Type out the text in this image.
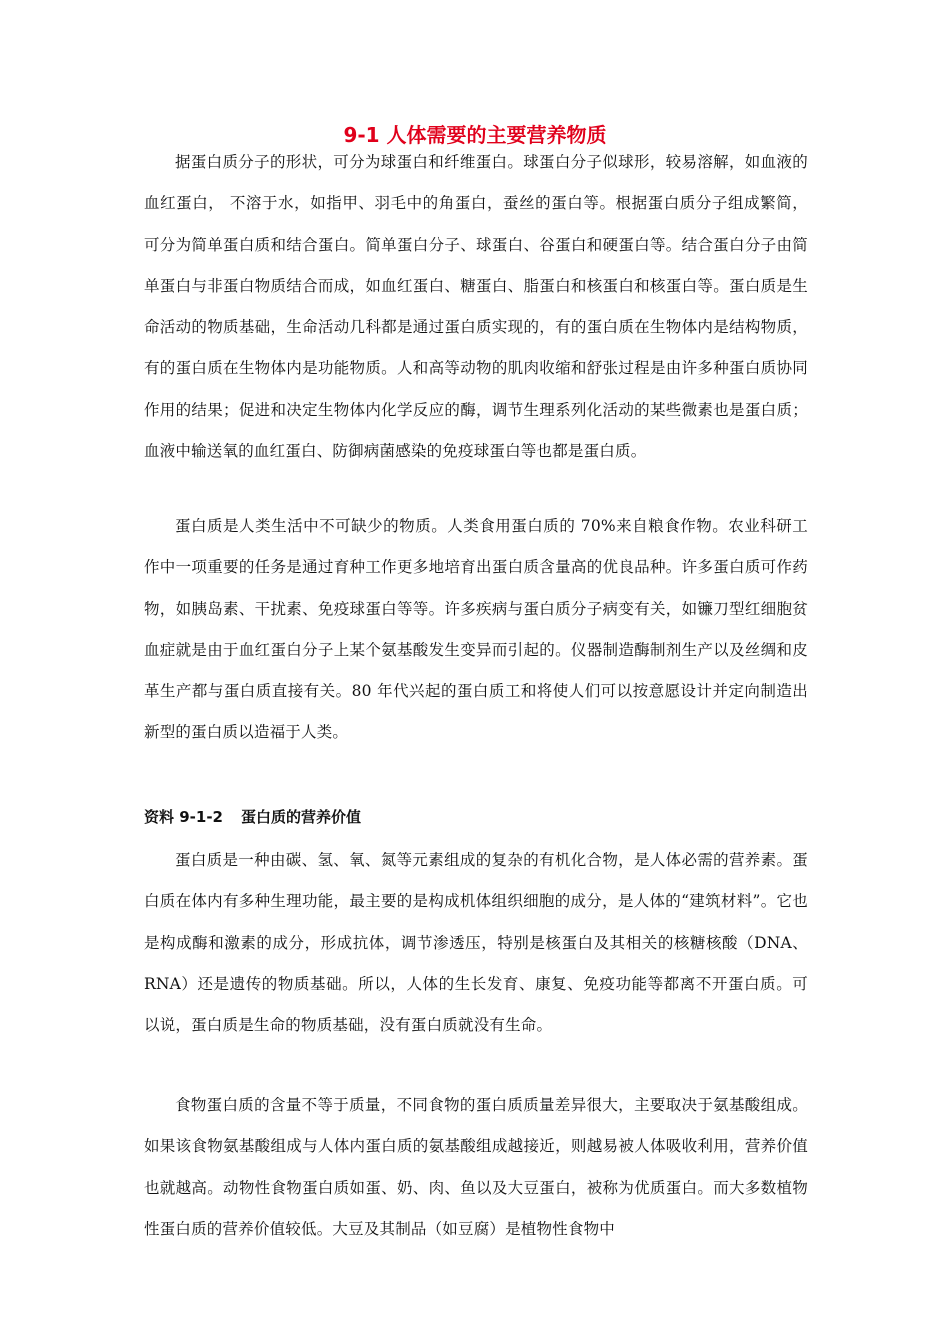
9-1 人体需要的主要营养物质

据蛋白质分子的形状，可分为球蛋白和纤维蛋白。球蛋白分子似球形，较易溶解，如血液的血红蛋白， 不溶于水，如指甲、羽毛中的角蛋白，蚕丝的蛋白等。根据蛋白质分子组成繁简，可分为简单蛋白质和结合蛋白。简单蛋白分子、球蛋白、谷蛋白和硬蛋白等。结合蛋白分子由简单蛋白与非蛋白物质结合而成，如血红蛋白、糖蛋白、脂蛋白和核蛋白和核蛋白等。蛋白质是生命活动的物质基础，生命活动几科都是通过蛋白质实现的，有的蛋白质在生物体内是结构物质，有的蛋白质在生物体内是功能物质。人和高等动物的肌肉收缩和舒张过程是由许多种蛋白质协同作用的结果；促进和决定生物体内化学反应的酶，调节生理系列化活动的某些微素也是蛋白质；血液中输送氧的血红蛋白、防御病菌感染的免疫球蛋白等也都是蛋白质。

蛋白质是人类生活中不可缺少的物质。人类食用蛋白质的 70%来自粮食作物。农业科研工作中一项重要的任务是通过育种工作更多地培育出蛋白质含量高的优良品种。许多蛋白质可作药物，如胰岛素、干扰素、免疫球蛋白等等。许多疾病与蛋白质分子病变有关，如镰刀型红细胞贫血症就是由于血红蛋白分子上某个氨基酸发生变异而引起的。仪器制造酶制剂生产以及丝绸和皮革生产都与蛋白质直接有关。80 年代兴起的蛋白质工和将使人们可以按意愿设计并定向制造出新型的蛋白质以造福于人类。

资料 9-1-2 蛋白质的营养价值

蛋白质是一种由碳、氢、氧、氮等元素组成的复杂的有机化合物，是人体必需的营养素。蛋白质在体内有多种生理功能，最主要的是构成机体组织细胞的成分，是人体的“建筑材料”。它也是构成酶和激素的成分，形成抗体，调节渗透压，特别是核蛋白及其相关的核糖核酸（DNA、RNA）还是遗传的物质基础。所以，人体的生长发育、康复、免疫功能等都离不开蛋白质。可以说，蛋白质是生命的物质基础，没有蛋白质就没有生命。

食物蛋白质的含量不等于质量，不同食物的蛋白质质量差异很大，主要取决于氨基酸组成。如果该食物氨基酸组成与人体内蛋白质的氨基酸组成越接近，则越易被人体吸收利用，营养价值也就越高。动物性食物蛋白质如蛋、奶、肉、鱼以及大豆蛋白，被称为优质蛋白。而大多数植物性蛋白质的营养价值较低。大豆及其制品（如豆腐）是植物性食物中
